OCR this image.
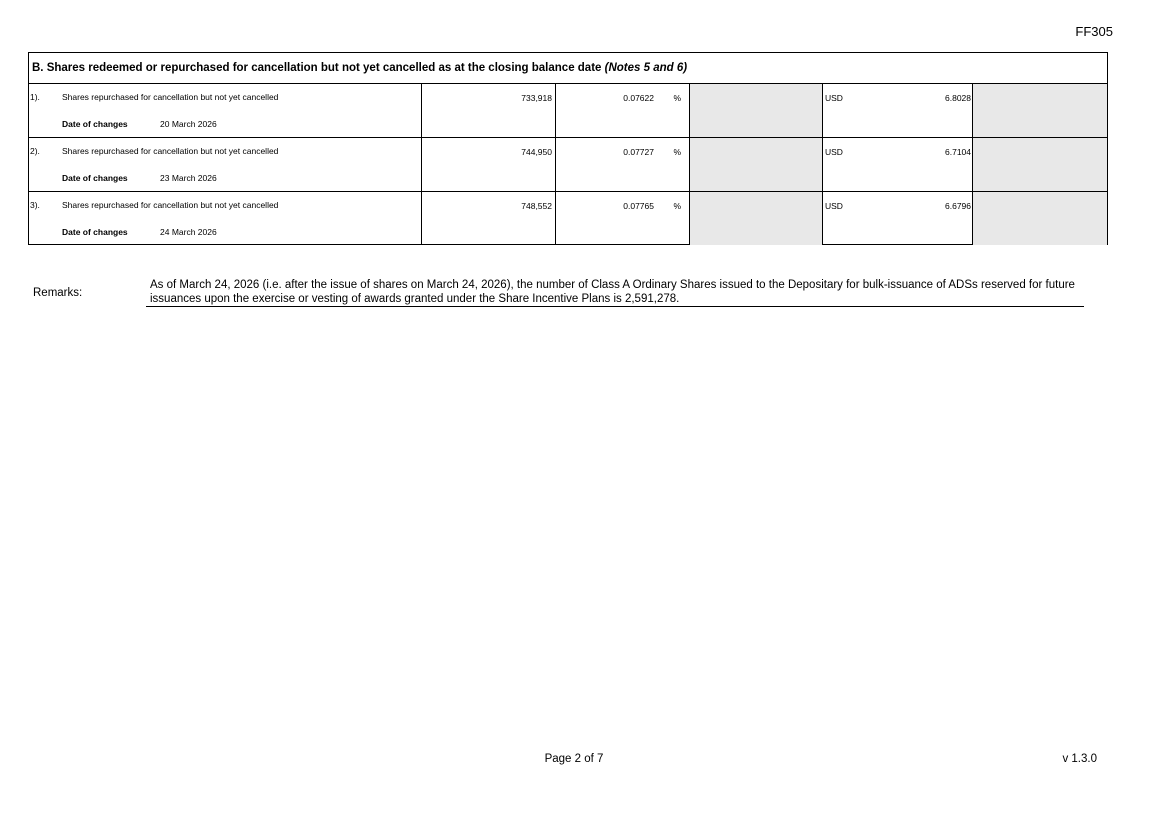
FF305
B. Shares redeemed or repurchased for cancellation but not yet cancelled as at the closing balance date (Notes 5 and 6)
1).	Shares repurchased for cancellation but not yet cancelled
Date of changes	20 March 2026
733,918	0.07622 %	USD	6.8028
2).	Shares repurchased for cancellation but not yet cancelled
Date of changes	23 March 2026
744,950	0.07727 %	USD	6.7104
3).	Shares repurchased for cancellation but not yet cancelled
Date of changes	24 March 2026
748,552	0.07765 %	USD	6.6796
Remarks:
As of March 24, 2026 (i.e. after the issue of shares on March 24, 2026), the number of Class A Ordinary Shares issued to the Depositary for bulk-issuance of ADSs reserved for future issuances upon the exercise or vesting of awards granted under the Share Incentive Plans is 2,591,278.
Page 2 of 7	v 1.3.0
